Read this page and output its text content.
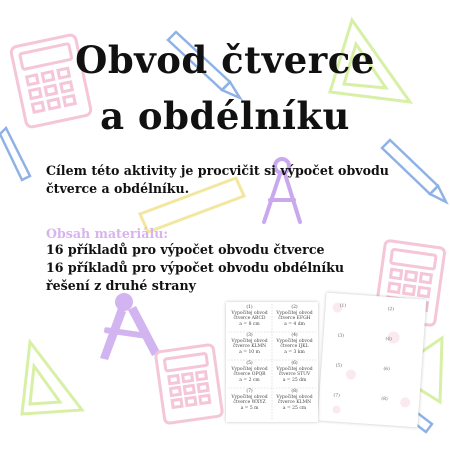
Obvod čtverce
a obdélníku
Cílem této aktivity je procvičit si výpočet obvodu čtverce a obdélníku.
Obsah materiálu:
16 příkladů pro výpočet obvodu čtverce
16 příkladů pro výpočet obvodu obdélníku
řešení z druhé strany
(1)
(2)
(3)
(4)
(5)
(6)
(7)
(8)
(1)
Vypočítej obvod čtverce ABCD
a = 8 cm
(2)
Vypočítej obvod čtverce EFGH
a = 4 dm
(3)
Vypočítej obvod čtverce KLMN
a = 10 m
(4)
Vypočítej obvod čtverce IJKL
a = 3 km
(5)
Vypočítej obvod čtverce OPQR
a = 2 cm
(6)
Vypočítej obvod čtverce STUV
a = 25 dm
(7)
Vypočítej obvod čtverce WXYZ
a = 5 m
(8)
Vypočítej obvod čtverce KLMN
a = 25 cm
